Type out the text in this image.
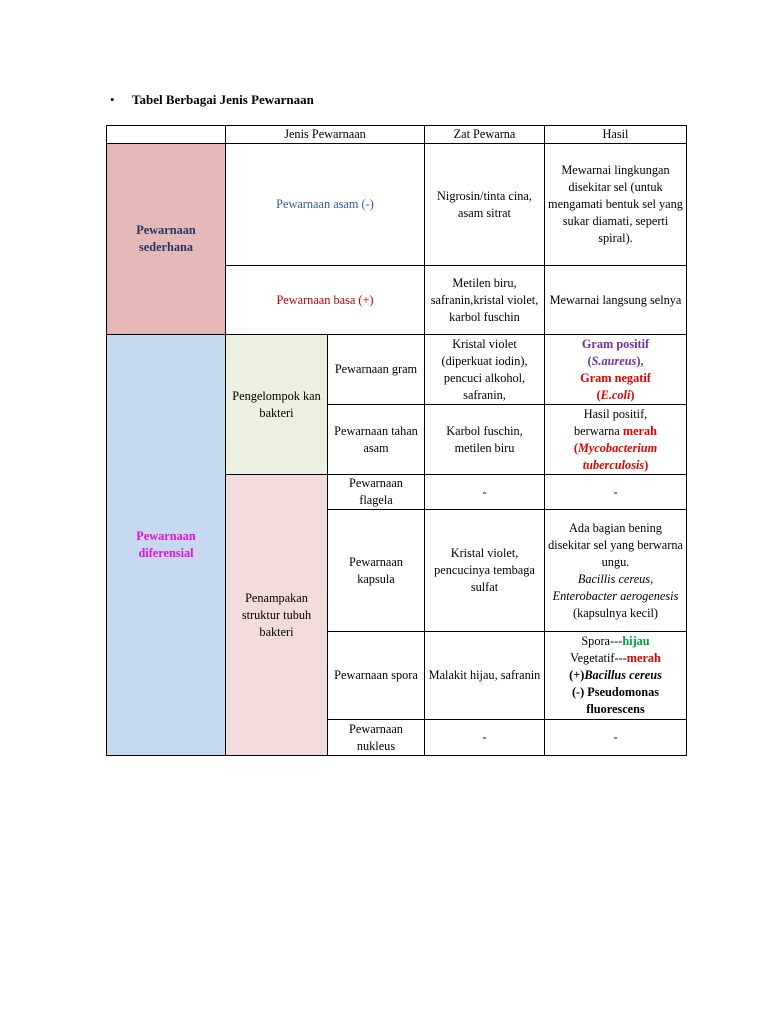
• Tabel Berbagai Jenis Pewarnaan
	Jenis Pewarnaan		Zat Pewarna	Hasil
Pewarnaan sederhana	Pewarnaan asam (-)		Nigrosin/tinta cina, asam sitrat	Mewarnai lingkungan disekitar sel (untuk mengamati bentuk sel yang sukar diamati, seperti spiral).
	Pewarnaan basa (+)		Metilen biru, safranin,kristal violet, karbol fuschin	Mewarnai langsung selnya
Pewarnaan diferensial	Pengelompok kan bakteri	Pewarnaan gram	Kristal violet (diperkuat iodin), pencuci alkohol, safranin,	Gram positif
(S.aureus),
Gram negatif
(E.coli)

		Pewarnaan tahan asam	Karbol fuschin, metilen biru	Hasil positif,
berwarna merah
(Mycobacterium tuberculosis)

	Penampakan struktur tubuh bakteri	Pewarnaan flagela	-	-
		Pewarnaan kapsula	Kristal violet, pencucinya tembaga sulfat	Ada bagian bening disekitar sel yang berwarna ungu.
Bacillis cereus,
Enterobacter aerogenesis
(kapsulnya kecil)

		Pewarnaan spora	Malakit hijau, safranin	Spora---hijau
Vegetatif---merah
(+)Bacillus cereus
(-) Pseudomonas fluorescens

		Pewarnaan nukleus	-	-
